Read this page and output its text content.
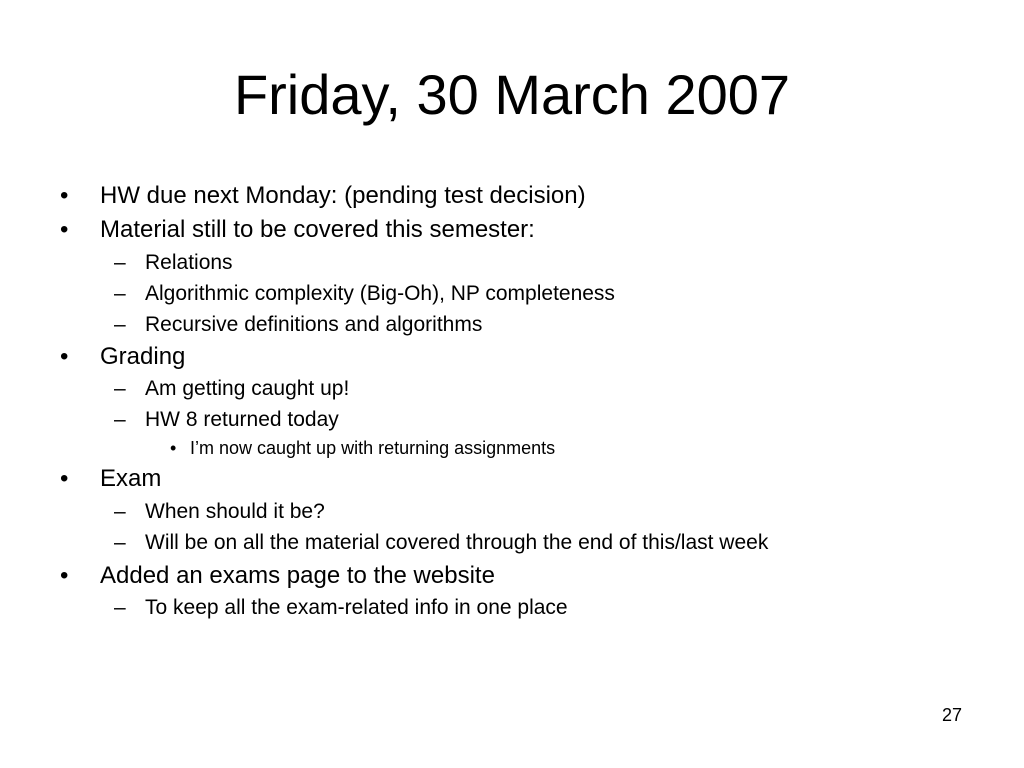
Friday, 30 March 2007
• HW due next Monday: (pending test decision)
• Material still to be covered this semester:
– Relations
– Algorithmic complexity (Big-Oh), NP completeness
– Recursive definitions and algorithms
• Grading
– Am getting caught up!
– HW 8 returned today
• I’m now caught up with returning assignments
• Exam
– When should it be?
– Will be on all the material covered through the end of this/last week
• Added an exams page to the website
– To keep all the exam-related info in one place
27
